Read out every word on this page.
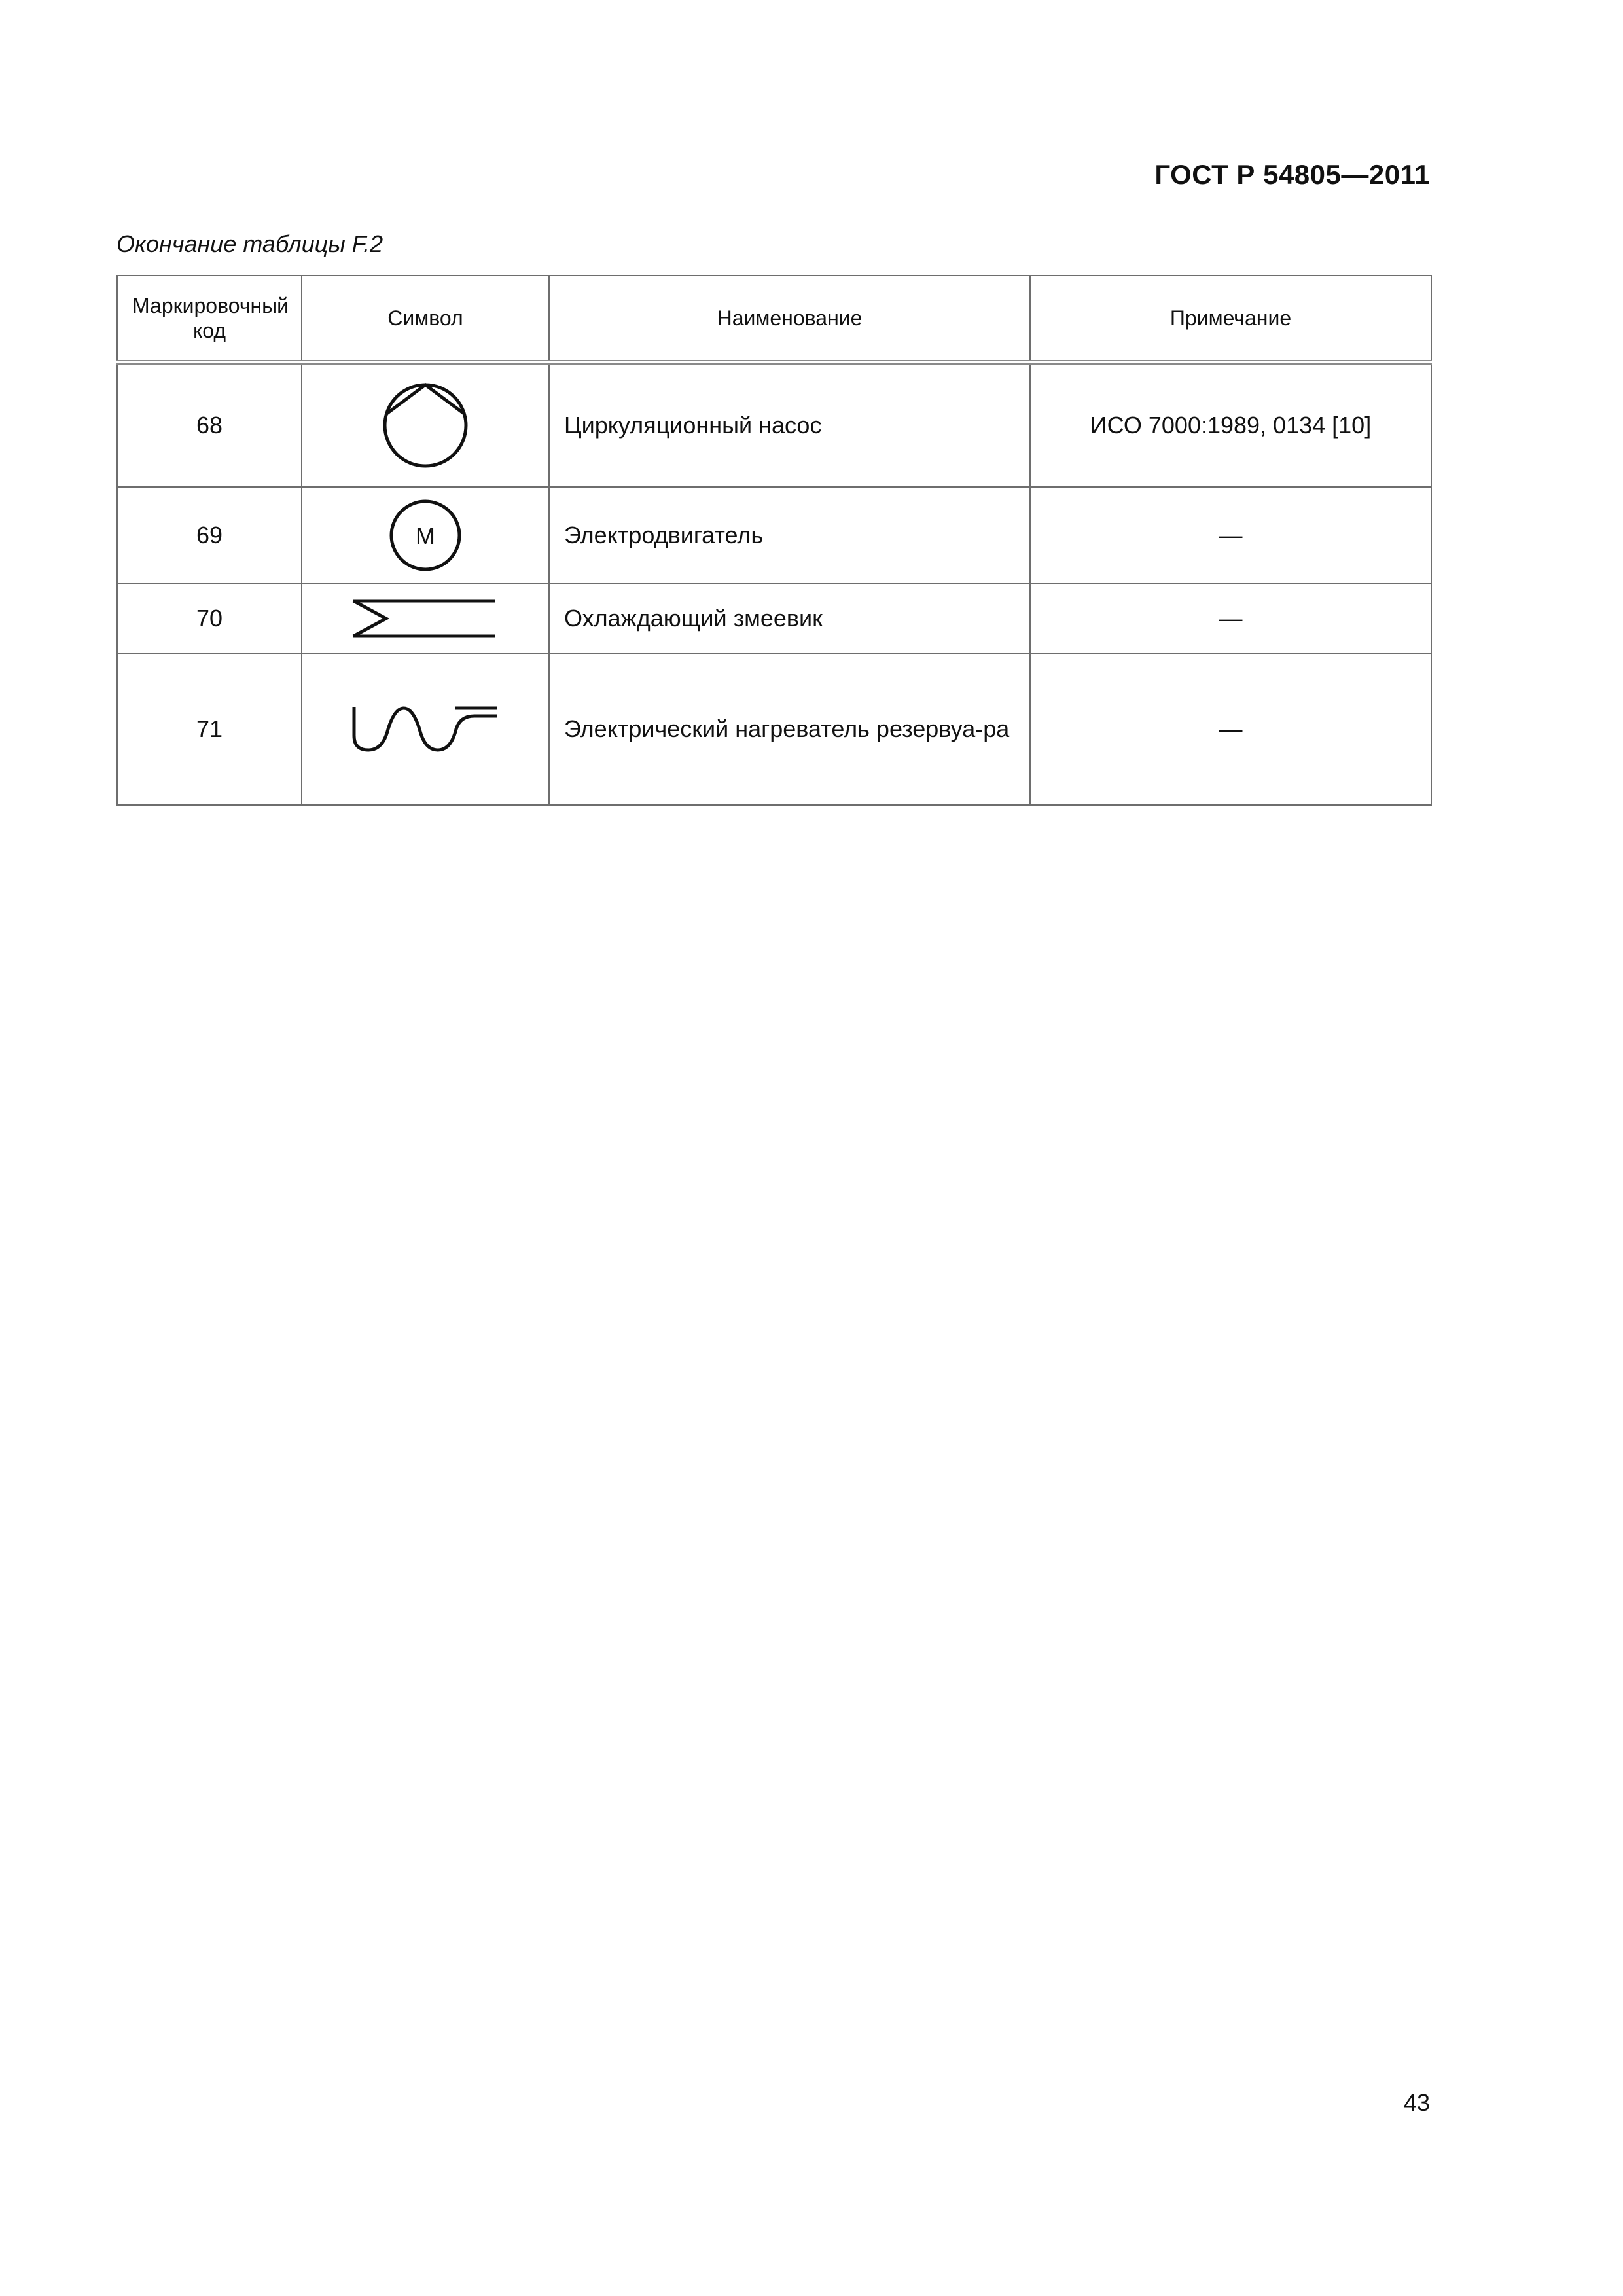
ГОСТ Р 54805—2011
Окончание таблицы F.2
Маркировочный код	Символ	Наименование	Примечание
68		Циркуляционный насос	ИСО 7000:1989, 0134 [10]
69	М	Электродвигатель	—
70		Охлаждающий змеевик	—
71		Электрический нагреватель резервуа-ра	—
43
